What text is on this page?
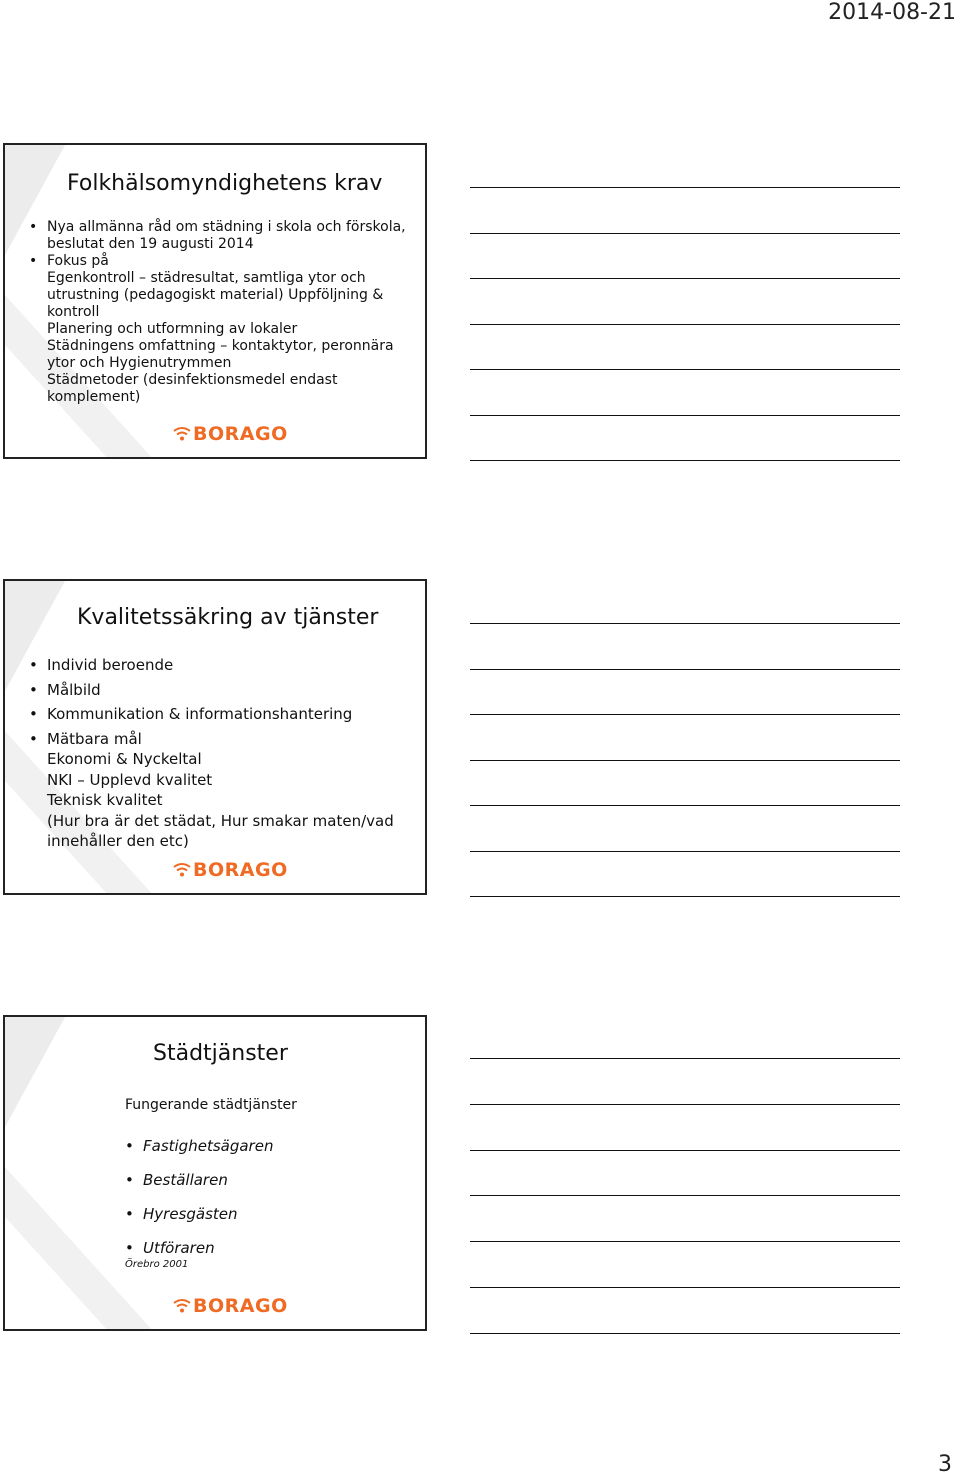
2014-08-21
Folkhälsomyndighetens krav
• Nya allmänna råd om städning i skola och förskola, beslutat den 19 augusti 2014
• Fokus på
Egenkontroll – städresultat, samtliga ytor och utrustning (pedagogiskt material) Uppföljning & kontroll
Planering och utformning av lokaler
Städningens omfattning – kontaktytor, peronnära ytor och Hygienutrymmen
Städmetoder (desinfektionsmedel endast komplement)
BORAGO
Kvalitetssäkring av tjänster
• Individ beroende
• Målbild
• Kommunikation & informationshantering
• Mätbara mål
Ekonomi & Nyckeltal
NKI – Upplevd kvalitet
Teknisk kvalitet
(Hur bra är det städat, Hur smakar maten/vad innehåller den etc)
BORAGO
Städtjänster
Fungerande städtjänster
• Fastighetsägaren
• Beställaren
• Hyresgästen
• Utföraren
Örebro 2001
BORAGO
3
